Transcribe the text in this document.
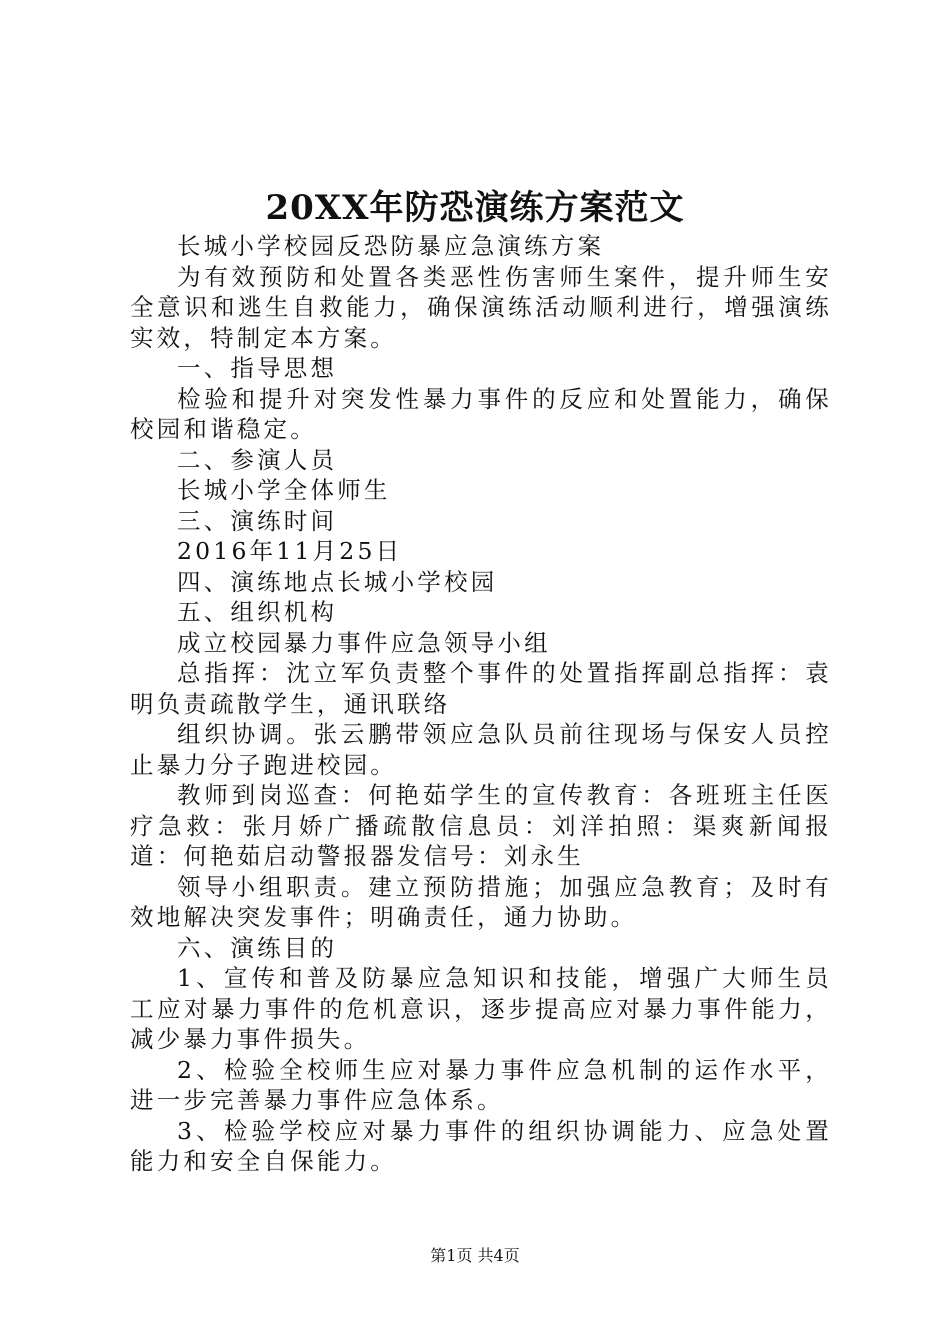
20XX年防恐演练方案范文

长城小学校园反恐防暴应急演练方案

为有效预防和处置各类恶性伤害师生案件，提升师生安全意识和逃生自救能力，确保演练活动顺利进行，增强演练实效，特制定本方案。

一、指导思想

检验和提升对突发性暴力事件的反应和处置能力，确保校园和谐稳定。

二、参演人员

长城小学全体师生

三、演练时间

2016年11月25日

四、演练地点长城小学校园

五、组织机构

成立校园暴力事件应急领导小组

总指挥：沈立军负责整个事件的处置指挥副总指挥：袁明负责疏散学生，通讯联络

组织协调。张云鹏带领应急队员前往现场与保安人员控止暴力分子跑进校园。

教师到岗巡查：何艳茹学生的宣传教育：各班班主任医疗急救：张月娇广播疏散信息员：刘洋拍照：渠爽新闻报道：何艳茹启动警报器发信号：刘永生

领导小组职责。建立预防措施；加强应急教育；及时有效地解决突发事件；明确责任，通力协助。

六、演练目的

1、宣传和普及防暴应急知识和技能，增强广大师生员工应对暴力事件的危机意识，逐步提高应对暴力事件能力，减少暴力事件损失。

2、检验全校师生应对暴力事件应急机制的运作水平，进一步完善暴力事件应急体系。

3、检验学校应对暴力事件的组织协调能力、应急处置能力和安全自保能力。

第1页 共4页
